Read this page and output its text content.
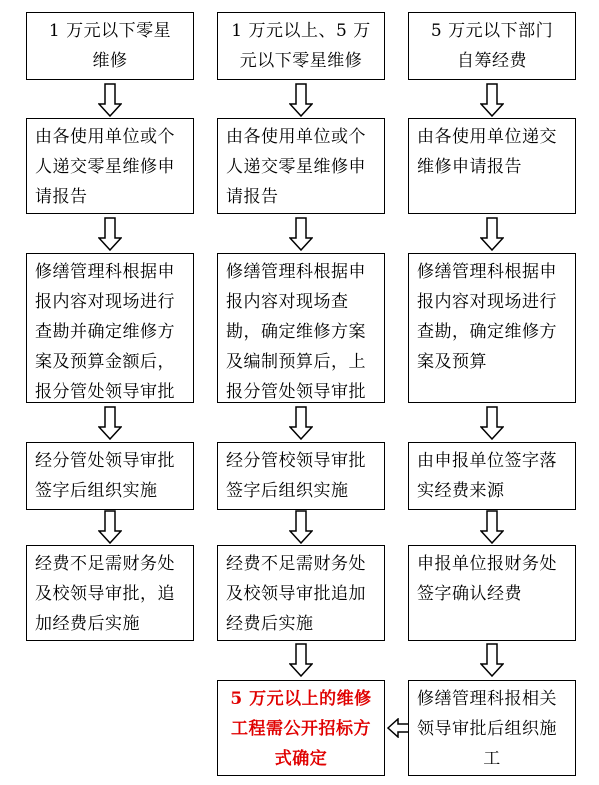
1 万元以下零星
维修
1 万元以上、5 万
元以下零星维修
5 万元以下部门
自筹经费
由各使用单位或个
人递交零星维修申
请报告
由各使用单位或个
人递交零星维修申
请报告
由各使用单位递交
维修申请报告
修缮管理科根据申
报内容对现场进行
查勘并确定维修方
案及预算金额后，
报分管处领导审批
修缮管理科根据申
报内容对现场查
勘，确定维修方案
及编制预算后，上
报分管处领导审批
修缮管理科根据申
报内容对现场进行
查勘，确定维修方
案及预算
经分管处领导审批
签字后组织实施
经分管校领导审批
签字后组织实施
由申报单位签字落
实经费来源
经费不足需财务处
及校领导审批，追
加经费后实施
经费不足需财务处
及校领导审批追加
经费后实施
申报单位报财务处
签字确认经费
5 万元以上的维修
工程需公开招标方
式确定
修缮管理科报相关
领导审批后组织施
工
